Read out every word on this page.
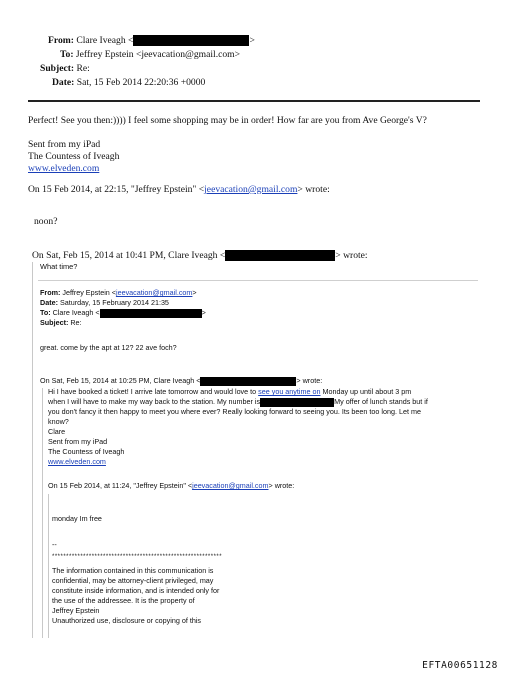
From: Clare Iveagh <	>
To: Jeffrey Epstein <jeevacation@gmail.com>
Subject: Re:
Date: Sat, 15 Feb 2014 22:20:36 +0000
Perfect! See you then:)))) I feel some shopping may be in order! How far are you from Ave George's V?
Sent from my iPad
The Countess of Iveagh
www.elveden.com
On 15 Feb 2014, at 22:15, "Jeffrey Epstein" <jeevacation@gmail.com> wrote:
noon?
On Sat, Feb 15, 2014 at 10:41 PM, Clare Iveagh <	> wrote:
What time?
From: Jeffrey Epstein <jeevacation@gmail.com>
Date: Saturday, 15 February 2014 21:35
To: Clare Iveagh <	>
Subject: Re:
great. come by the apt at 12? 22 ave foch?
On Sat, Feb 15, 2014 at 10:25 PM, Clare Iveagh <	> wrote:
Hi I have booked a ticket! I arrive late tomorrow and would love to see you anytime on Monday up until about 3 pm
when I will have to make my way back to the station. My number is	My offer of lunch stands but if
you don't fancy it then happy to meet you where ever? Really looking forward to seeing you. Its been too long. Let me
know?
Clare
Sent from my iPad
The Countess of Iveagh
www.elveden.com
On 15 Feb 2014, at 11:24, "Jeffrey Epstein" <jeevacation@gmail.com> wrote:
monday Im free
--
************************************************************
The information contained in this communication is
confidential, may be attorney-client privileged, may
constitute inside information, and is intended only for
the use of the addressee. It is the property of
Jeffrey Epstein
Unauthorized use, disclosure or copying of this
EFTA00651128
